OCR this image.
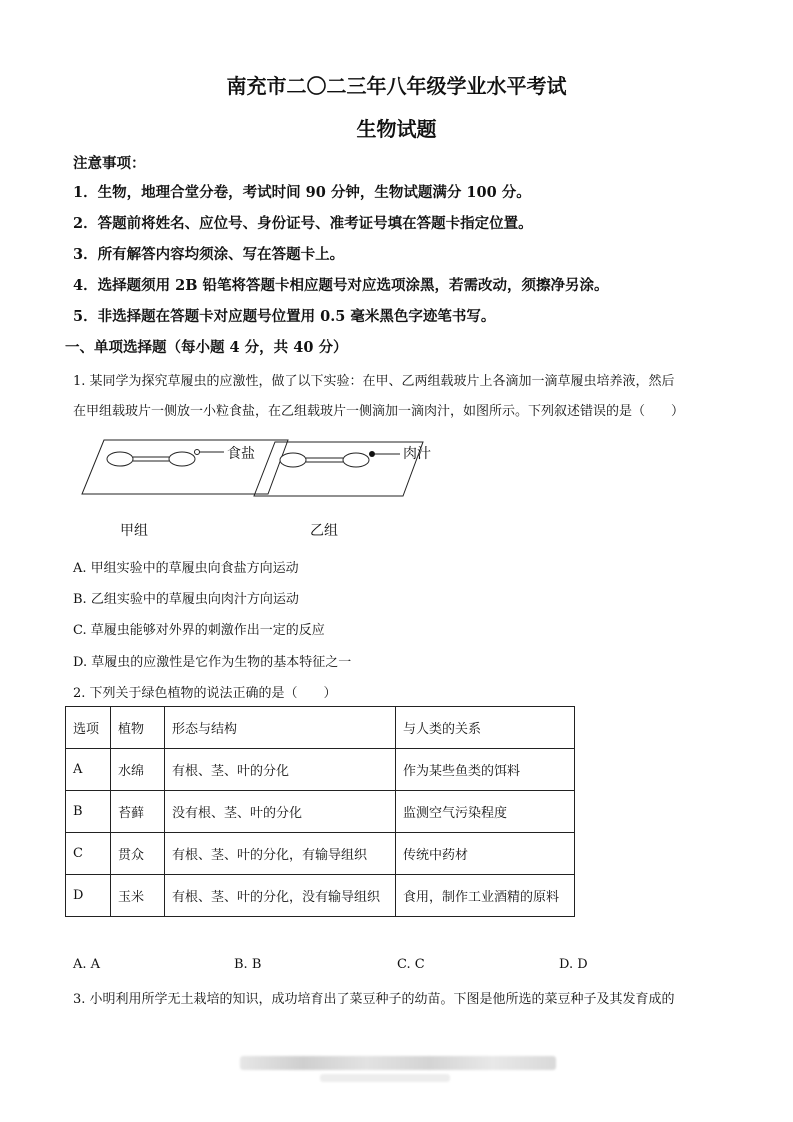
南充市二〇二三年八年级学业水平考试
生物试题
注意事项：
1．生物，地理合堂分卷，考试时间 90 分钟，生物试题满分 100 分。
2．答题前将姓名、应位号、身份证号、准考证号填在答题卡指定位置。
3．所有解答内容均须涂、写在答题卡上。
4．选择题须用 2B 铅笔将答题卡相应题号对应选项涂黑，若需改动，须擦净另涂。
5．非选择题在答题卡对应题号位置用 0.5 毫米黑色字迹笔书写。
一、单项选择题（每小题 4 分，共 40 分）
1. 某同学为探究草履虫的应激性，做了以下实验：在甲、乙两组载玻片上各滴加一滴草履虫培养液，然后
在甲组载玻片一侧放一小粒食盐，在乙组载玻片一侧滴加一滴肉汁，如图所示。下列叙述错误的是（　　）
食盐	肉汁
甲组	乙组
A. 甲组实验中的草履虫向食盐方向运动
B. 乙组实验中的草履虫向肉汁方向运动
C. 草履虫能够对外界的刺激作出一定的反应
D. 草履虫的应激性是它作为生物的基本特征之一
2. 下列关于绿色植物的说法正确的是（　　）
选项	植物	形态与结构	与人类的关系
A	水绵	有根、茎、叶的分化	作为某些鱼类的饵料
B	苔藓	没有根、茎、叶的分化	监测空气污染程度
C	贯众	有根、茎、叶的分化，有输导组织	传统中药材
D	玉米	有根、茎、叶的分化，没有输导组织	食用，制作工业酒精的原料
A. A	B. B	C. C	D. D
3. 小明利用所学无土栽培的知识，成功培育出了菜豆种子的幼苗。下图是他所选的菜豆种子及其发育成的
